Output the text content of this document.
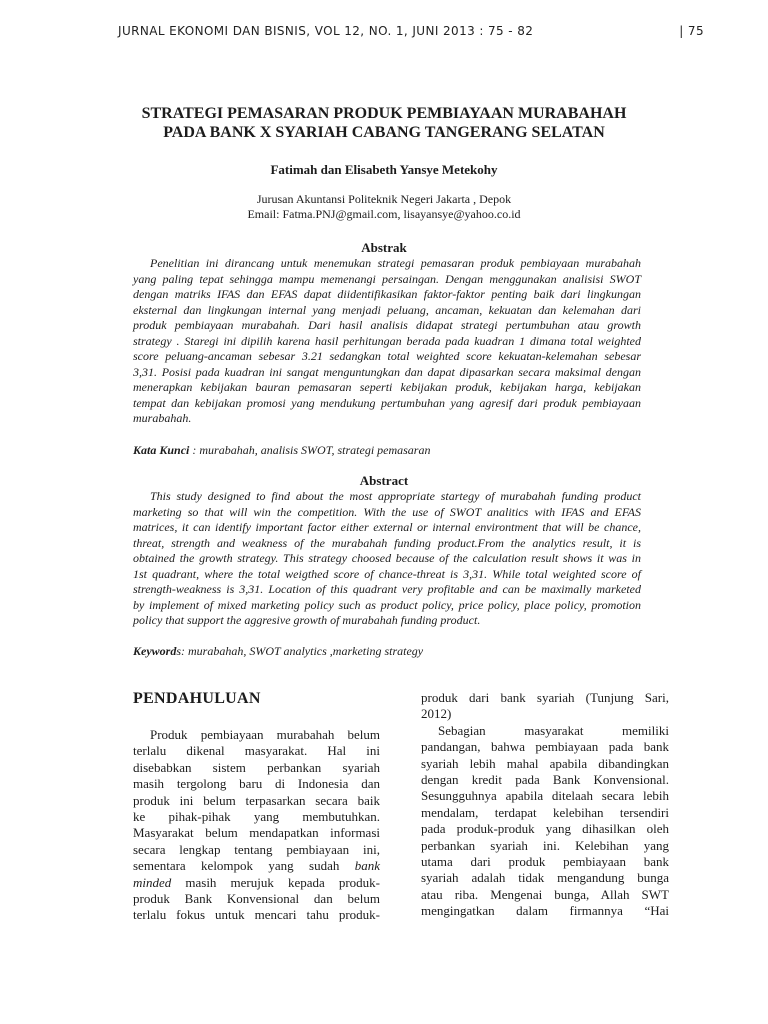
JURNAL EKONOMI DAN BISNIS, VOL 12, NO. 1, JUNI 2013 : 75 - 82	| 75
STRATEGI PEMASARAN PRODUK PEMBIAYAAN MURABAHAH
PADA BANK X SYARIAH CABANG TANGERANG SELATAN
Fatimah dan Elisabeth Yansye Metekohy
Jurusan Akuntansi Politeknik Negeri Jakarta , Depok
Email: Fatma.PNJ@gmail.com, lisayansye@yahoo.co.id
Abstrak
Penelitian ini dirancang untuk menemukan strategi pemasaran produk pembiayaan murabahah
yang paling tepat sehingga mampu memenangi persaingan. Dengan menggunakan analisisi SWOT
dengan matriks IFAS dan EFAS dapat diidentifikasikan faktor-faktor penting baik dari lingkungan
eksternal dan lingkungan internal yang menjadi peluang, ancaman, kekuatan dan kelemahan dari
produk pembiayaan murabahah. Dari hasil analisis didapat strategi pertumbuhan atau growth
strategy . Staregi ini dipilih karena hasil perhitungan berada pada kuadran 1 dimana total weighted
score peluang-ancaman sebesar 3.21 sedangkan total weighted score kekuatan-kelemahan sebesar
3,31. Posisi pada kuadran ini sangat menguntungkan dan dapat dipasarkan secara maksimal dengan
menerapkan kebijakan bauran pemasaran seperti kebijakan produk, kebijakan harga, kebijakan
tempat dan kebijakan promosi yang mendukung pertumbuhan yang agresif dari produk pembiayaan
murabahah.
Kata Kunci : murabahah, analisis SWOT, strategi pemasaran
Abstract
This study designed to find about the most appropriate startegy of murabahah funding product
marketing so that will win the competition. With the use of SWOT analitics with IFAS and EFAS
matrices, it can identify important factor either external or internal environtment that will be chance,
threat, strength and weakness of the murabahah funding product.From the analytics result, it is
obtained the growth strategy. This strategy choosed because of the calculation result shows it was in
1st quadrant, where the total weigthed score of chance-threat is 3,31. While total weighted score of
strength-weakness is 3,31. Location of this quadrant very profitable and can be maximally marketed
by implement of mixed marketing policy such as product policy, price policy, place policy, promotion
policy that support the aggresive growth of murabahah funding product.
Keywords: murabahah, SWOT analytics ,marketing strategy
PENDAHULUAN
Produk pembiayaan murabahah belum
terlalu dikenal masyarakat. Hal ini
disebabkan sistem perbankan syariah
masih tergolong baru di Indonesia dan
produk ini belum terpasarkan secara baik
ke pihak-pihak yang membutuhkan.
Masyarakat belum mendapatkan informasi
secara lengkap tentang pembiayaan ini,
sementara kelompok yang sudah bank
minded masih merujuk kepada produk-
produk Bank Konvensional dan belum
terlalu fokus untuk mencari tahu produk-
produk dari bank syariah (Tunjung Sari,
2012)
Sebagian masyarakat memiliki
pandangan, bahwa pembiayaan pada bank
syariah lebih mahal apabila dibandingkan
dengan kredit pada Bank Konvensional.
Sesungguhnya apabila ditelaah secara lebih
mendalam, terdapat kelebihan tersendiri
pada produk-produk yang dihasilkan oleh
perbankan syariah ini. Kelebihan yang
utama dari produk pembiayaan bank
syariah adalah tidak mengandung bunga
atau riba. Mengenai bunga, Allah SWT
mengingatkan dalam firmannya “Hai
